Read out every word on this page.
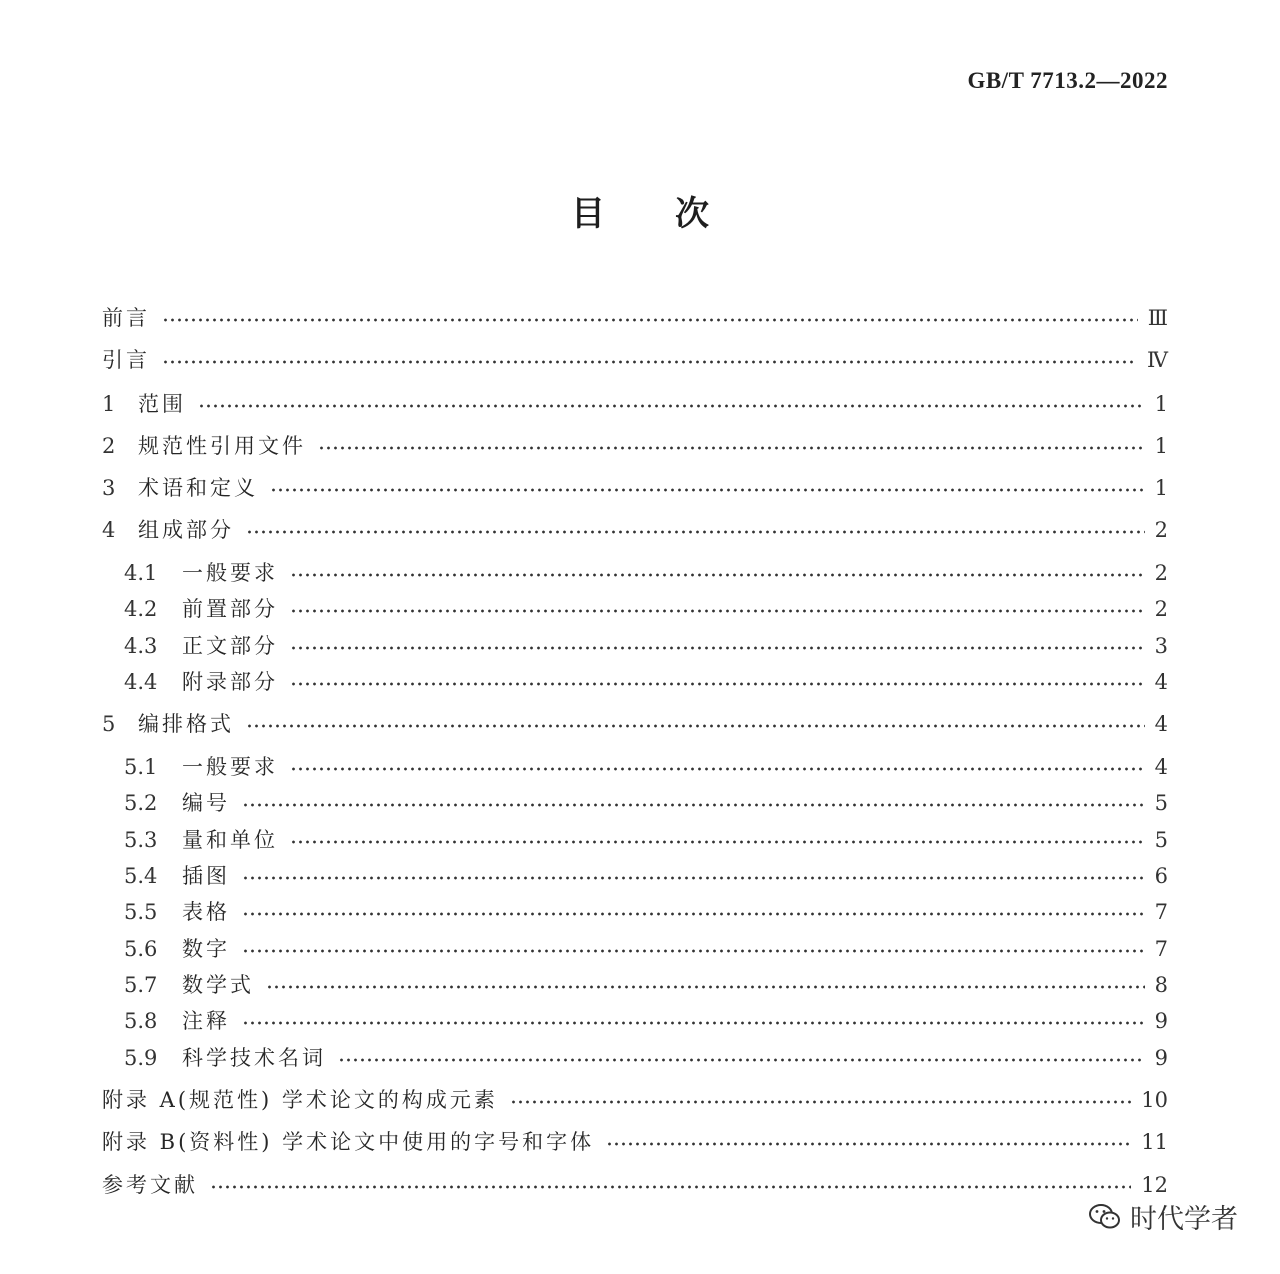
GB/T 7713.2—2022
目 次
前言	Ⅲ
引言	Ⅳ
1	范围	1
2	规范性引用文件	1
3	术语和定义	1
4	组成部分	2
4.1	一般要求	2
4.2	前置部分	2
4.3	正文部分	3
4.4	附录部分	4
5	编排格式	4
5.1	一般要求	4
5.2	编号	5
5.3	量和单位	5
5.4	插图	6
5.5	表格	7
5.6	数字	7
5.7	数学式	8
5.8	注释	9
5.9	科学技术名词	9
附录 A(规范性) 学术论文的构成元素	10
附录 B(资料性) 学术论文中使用的字号和字体	11
参考文献	12
时代学者
